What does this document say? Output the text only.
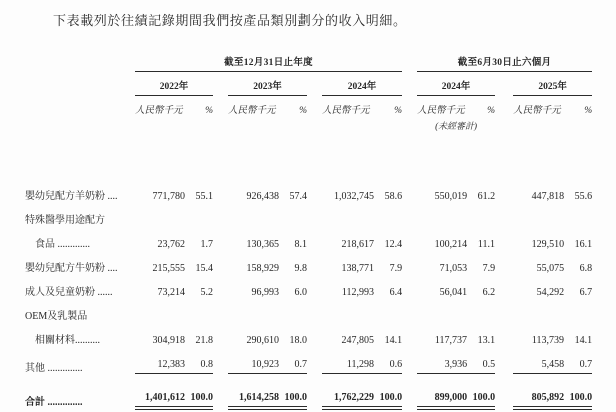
下表載列於往績記錄期間我們按產品類別劃分的收入明細。

	截至12月31日止年度									截至6月30日止六個月				
	2022年			2023年			2024年			2024年			2025年	
	人民幣千元	%		人民幣千元	%		人民幣千元	%		人民幣千元	%		人民幣千元	%
										(未經審計)				

嬰幼兒配方羊奶粉 ....	771,780	55.1		926,438	57.4		1,032,745	58.6		550,019	61.2		447,818	55.6
特殊醫學用途配方														
食品 .............	23,762	1.7		130,365	8.1		218,617	12.4		100,214	11.1		129,510	16.1
嬰幼兒配方牛奶粉 ....	215,555	15.4		158,929	9.8		138,771	7.9		71,053	7.9		55,075	6.8
成人及兒童奶粉 ......	73,214	5.2		96,993	6.0		112,993	6.4		56,041	6.2		54,292	6.7
OEM及乳製品														
相關材料..........	304,918	21.8		290,610	18.0		247,805	14.1		117,737	13.1		113,739	14.1
其他 ..............	12,383	0.8		10,923	0.7		11,298	0.6		3,936	0.5		5,458	0.7
合計 ..............	1,401,612	100.0		1,614,258	100.0		1,762,229	100.0		899,000	100.0		805,892	100.0
